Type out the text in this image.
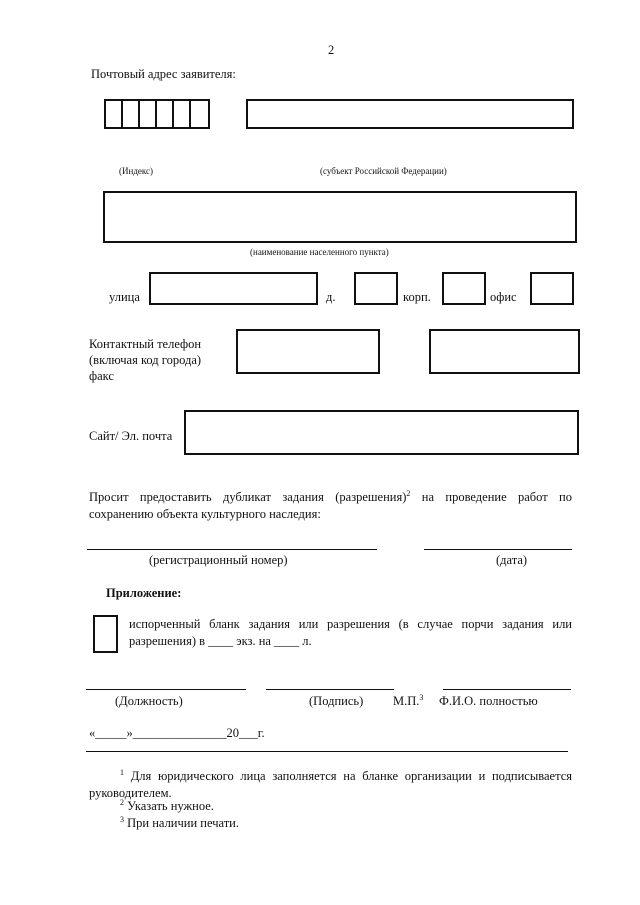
2
Почтовый адрес заявителя:
(Индекс)	(субъект Российской Федерации)
(наименование населенного пункта)
улица	д.	корп.	офис
Контактный телефон
(включая код города)
факс
Сайт/ Эл. почта
Просит предоставить дубликат задания (разрешения)$^2$ на проведение работ по сохранению объекта культурного наследия:
(регистрационный номер)	(дата)
Приложение:
испорченный бланк задания или разрешения (в случае порчи задания или разрешения) в ____ экз. на ____ л.
(Должность)	(Подпись) М.П.$^3$ Ф.И.О. полностью
«_____»_______________20___г.
$^1$ Для юридического лица заполняется на бланке организации и подписывается руководителем.
$^2$ Указать нужное.
$^3$ При наличии печати.
